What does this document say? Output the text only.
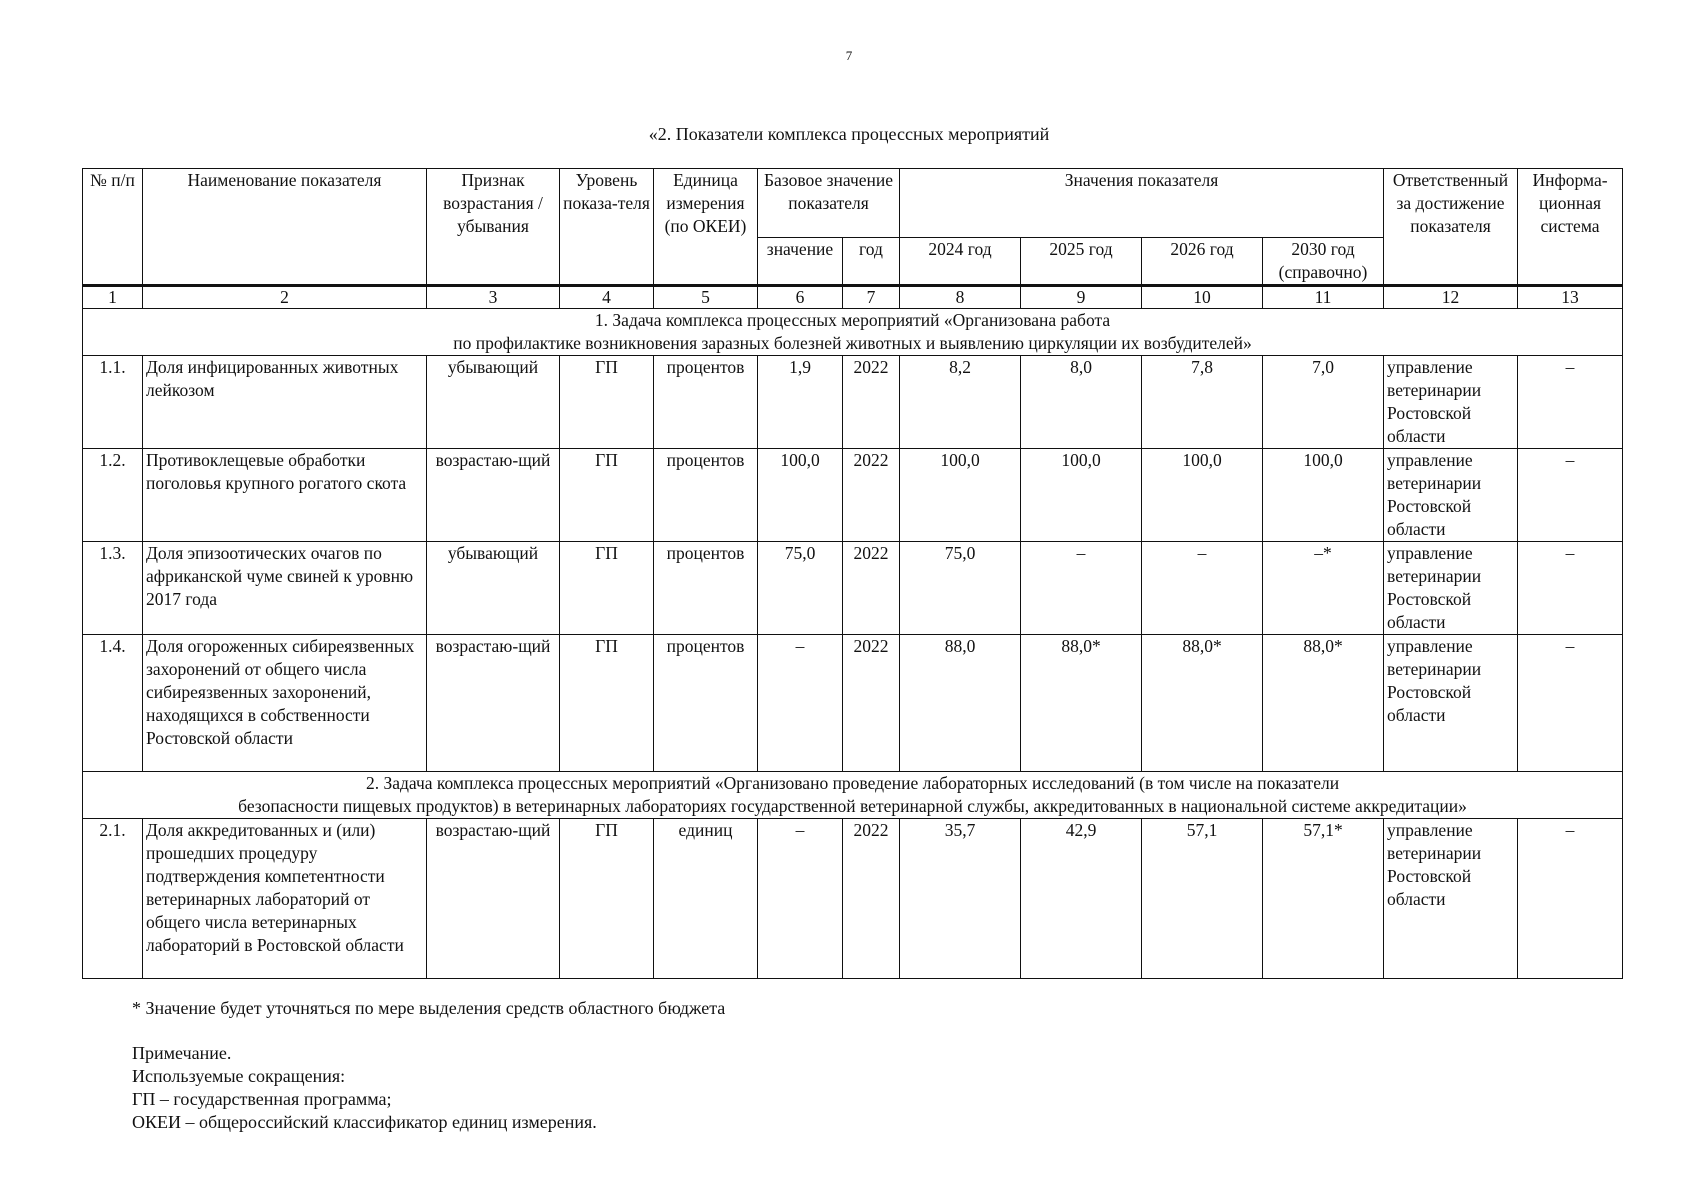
7
«2. Показатели комплекса процессных мероприятий
№ п/п	Наименование показателя	Признак возрастания / убывания	Уровень показа-теля	Единица измерения (по ОКЕИ)	Базовое значение показателя		Значения показателя				Ответственный за достижение показателя	Информа-ционная система
					значение	год	2024 год	2025 год	2026 год	2030 год (справочно)		
1	2	3	4	5	6	7	8	9	10	11	12	13

1. Задача комплекса процессных мероприятий «Организована работа
по профилактике возникновения заразных болезней животных и выявлению циркуляции их возбудителей»												

1.1.	Доля инфицированных животных лейкозом	убывающий	ГП	процентов	1,9	2022	8,2	8,0	7,8	7,0	управление ветеринарии Ростовской области	–
1.2.	Противоклещевые обработки поголовья крупного рогатого скота	возрастаю-щий	ГП	процентов	100,0	2022	100,0	100,0	100,0	100,0	управление ветеринарии Ростовской области	–
1.3.	Доля эпизоотических очагов по африканской чуме свиней к уровню 2017 года	убывающий	ГП	процентов	75,0	2022	75,0	–	–	–*	управление ветеринарии Ростовской области	–
1.4.	Доля огороженных сибиреязвенных захоронений от общего числа сибиреязвенных захоронений, находящихся в собственности Ростовской области	возрастаю-щий	ГП	процентов	–	2022	88,0	88,0*	88,0*	88,0*	управление ветеринарии Ростовской области	–

2. Задача комплекса процессных мероприятий «Организовано проведение лабораторных исследований (в том числе на показатели
безопасности пищевых продуктов) в ветеринарных лабораториях государственной ветеринарной службы, аккредитованных в национальной системе аккредитации»												

2.1.	Доля аккредитованных и (или) прошедших процедуру подтверждения компетентности ветеринарных лабораторий от общего числа ветеринарных лабораторий в Ростовской области	возрастаю-щий	ГП	единиц	–	2022	35,7	42,9	57,1	57,1*	управление ветеринарии Ростовской области	–
* Значение будет уточняться по мере выделения средств областного бюджета
Примечание.
Используемые сокращения:
ГП – государственная программа;
ОКЕИ – общероссийский классификатор единиц измерения.
